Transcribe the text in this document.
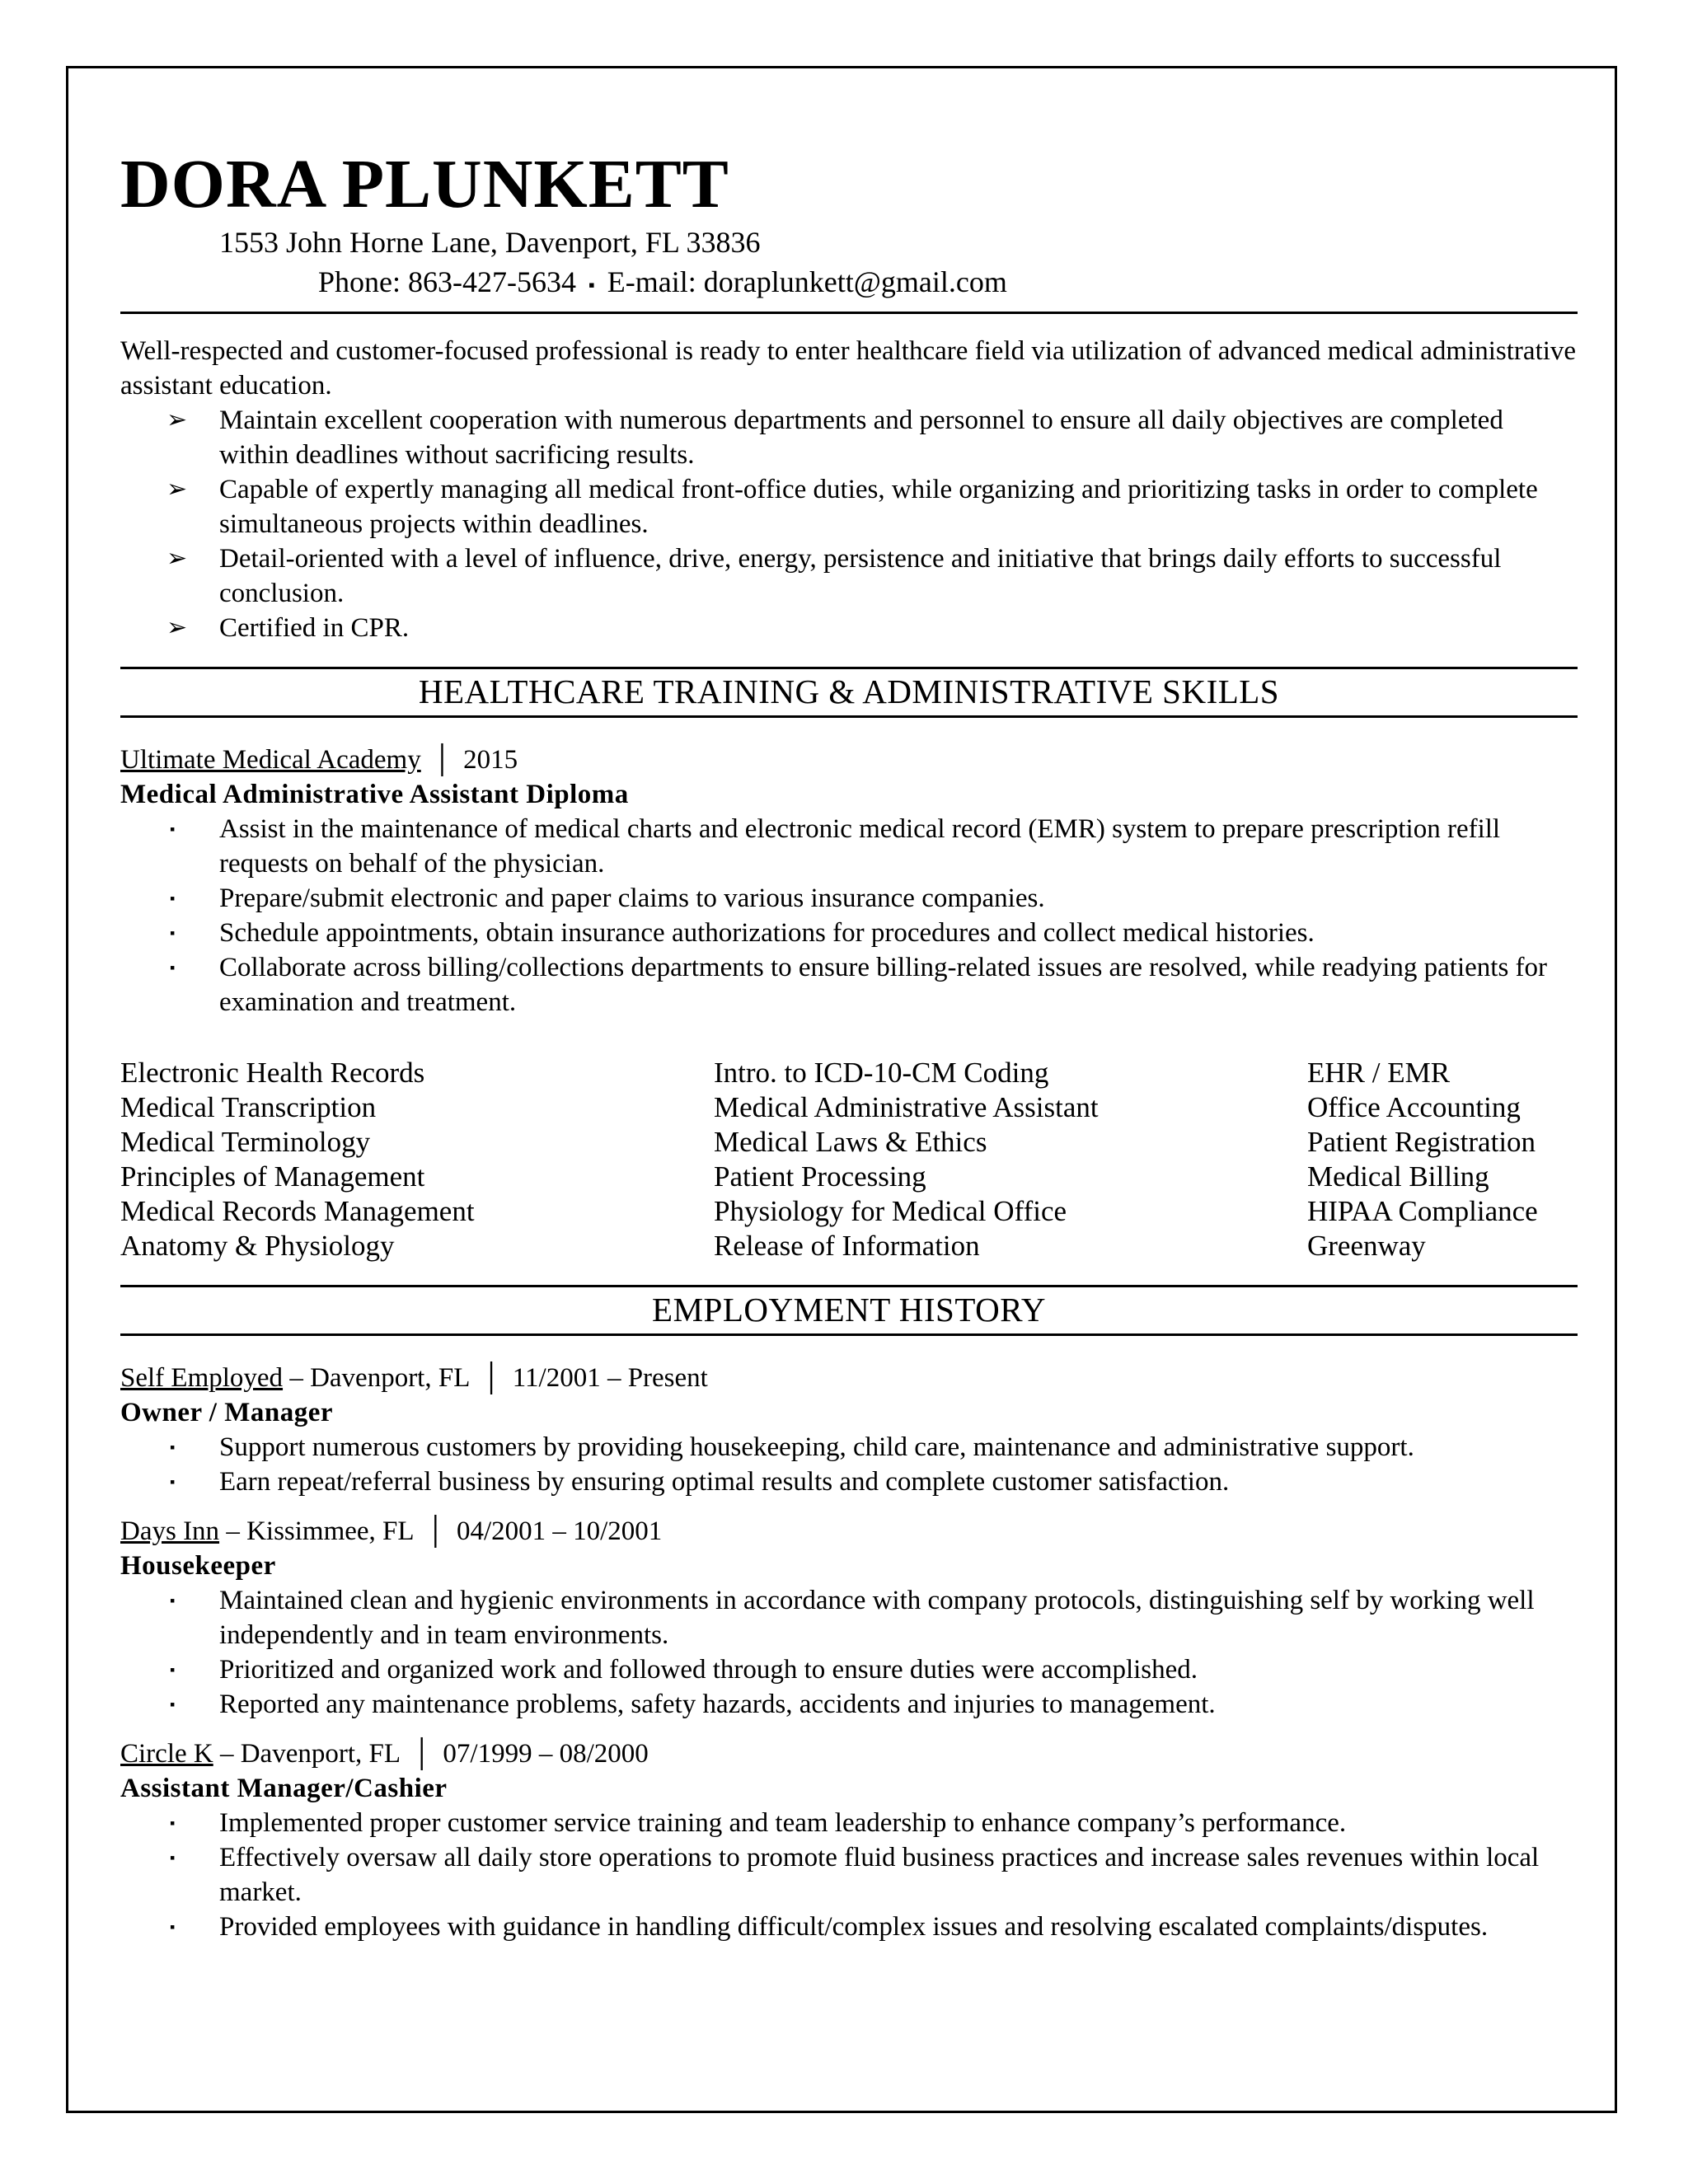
DORA PLUNKETT
1553 John Horne Lane, Davenport, FL 33836
Phone: 863-427-5634 ▪ E-mail: doraplunkett@gmail.com
Well-respected and customer-focused professional is ready to enter healthcare field via utilization of advanced medical administrative assistant education.
➢ Maintain excellent cooperation with numerous departments and personnel to ensure all daily objectives are completed within deadlines without sacrificing results.
➢ Capable of expertly managing all medical front-office duties, while organizing and prioritizing tasks in order to complete simultaneous projects within deadlines.
➢ Detail-oriented with a level of influence, drive, energy, persistence and initiative that brings daily efforts to successful conclusion.
➢ Certified in CPR.
HEALTHCARE TRAINING & ADMINISTRATIVE SKILLS
Ultimate Medical Academy │ 2015
Medical Administrative Assistant Diploma
▪ Assist in the maintenance of medical charts and electronic medical record (EMR) system to prepare prescription refill requests on behalf of the physician.
▪ Prepare/submit electronic and paper claims to various insurance companies.
▪ Schedule appointments, obtain insurance authorizations for procedures and collect medical histories.
▪ Collaborate across billing/collections departments to ensure billing-related issues are resolved, while readying patients for examination and treatment.
Electronic Health Records
Medical Transcription
Medical Terminology
Principles of Management
Medical Records Management
Anatomy & Physiology
Intro. to ICD-10-CM Coding
Medical Administrative Assistant
Medical Laws & Ethics
Patient Processing
Physiology for Medical Office
Release of Information
EHR / EMR
Office Accounting
Patient Registration
Medical Billing
HIPAA Compliance
Greenway
EMPLOYMENT HISTORY
Self Employed – Davenport, FL │ 11/2001 – Present
Owner / Manager
▪ Support numerous customers by providing housekeeping, child care, maintenance and administrative support.
▪ Earn repeat/referral business by ensuring optimal results and complete customer satisfaction.
Days Inn – Kissimmee, FL │ 04/2001 – 10/2001
Housekeeper
▪ Maintained clean and hygienic environments in accordance with company protocols, distinguishing self by working well independently and in team environments.
▪ Prioritized and organized work and followed through to ensure duties were accomplished.
▪ Reported any maintenance problems, safety hazards, accidents and injuries to management.
Circle K – Davenport, FL │ 07/1999 – 08/2000
Assistant Manager/Cashier
▪ Implemented proper customer service training and team leadership to enhance company’s performance.
▪ Effectively oversaw all daily store operations to promote fluid business practices and increase sales revenues within local market.
▪ Provided employees with guidance in handling difficult/complex issues and resolving escalated complaints/disputes.
